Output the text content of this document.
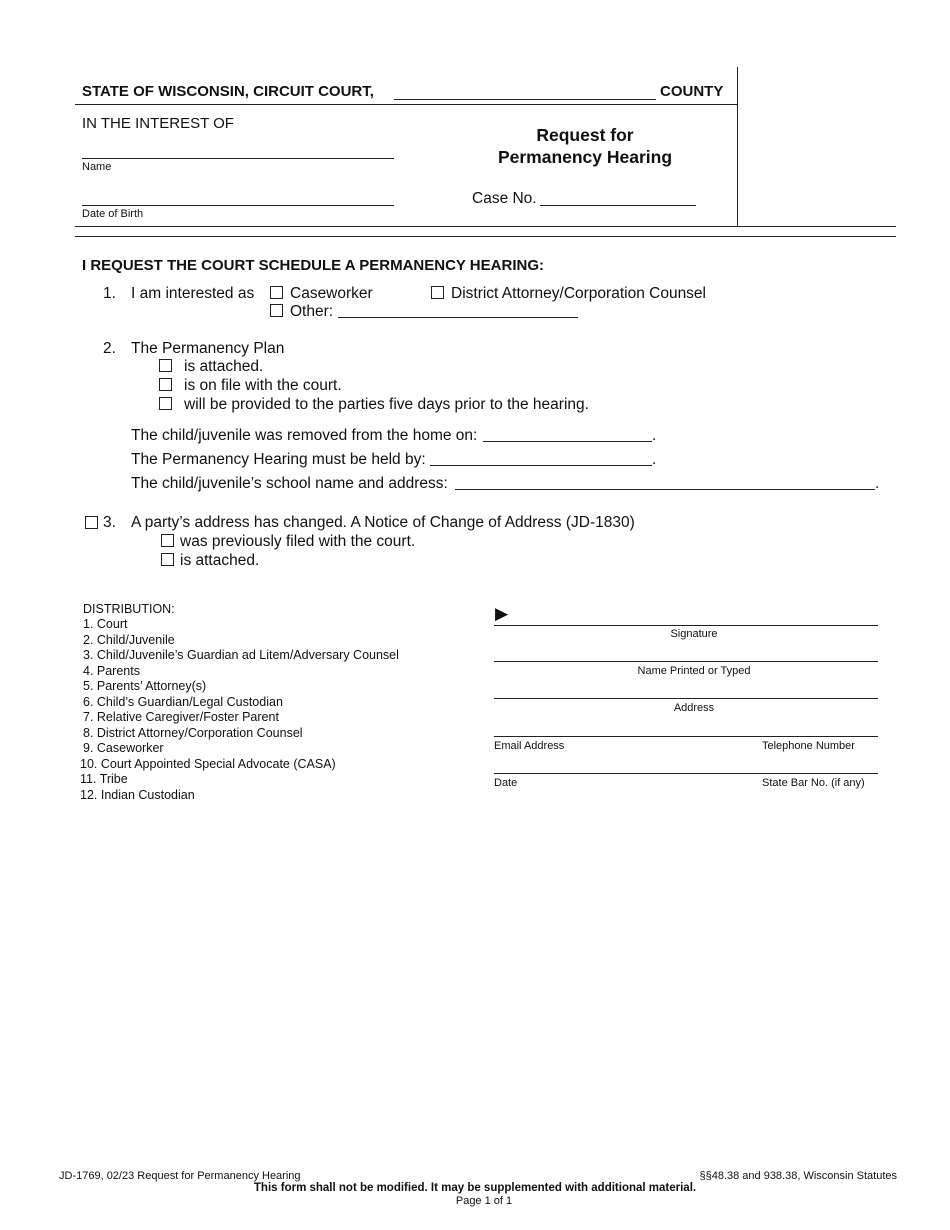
STATE OF WISCONSIN, CIRCUIT COURT,	COUNTY
IN THE INTEREST OF
Name
Date of Birth
Request for
Permanency Hearing
Case No.
I REQUEST THE COURT SCHEDULE A PERMANENCY HEARING:
1. I am interested as Caseworker	District Attorney/Corporation Counsel
Other:
2. The Permanency Plan
is attached.
is on file with the court.
will be provided to the parties five days prior to the hearing.
The child/juvenile was removed from the home on:	.
The Permanency Hearing must be held by:	.
The child/juvenile’s school name and address:	.
3. A party’s address has changed. A Notice of Change of Address (JD-1830)
was previously filed with the court.
is attached.
DISTRIBUTION:
1. Court
2. Child/Juvenile
3. Child/Juvenile’s Guardian ad Litem/Adversary Counsel
4. Parents
5. Parents’ Attorney(s)
6. Child’s Guardian/Legal Custodian
7. Relative Caregiver/Foster Parent
8. District Attorney/Corporation Counsel
9. Caseworker
10. Court Appointed Special Advocate (CASA)
11. Tribe
12. Indian Custodian
▶
Signature
Name Printed or Typed
Address
Email Address	Telephone Number
Date	State Bar No. (if any)
JD-1769, 02/23 Request for Permanency Hearing	§§48.38 and 938.38, Wisconsin Statutes
This form shall not be modified. It may be supplemented with additional material.
Page 1 of 1
